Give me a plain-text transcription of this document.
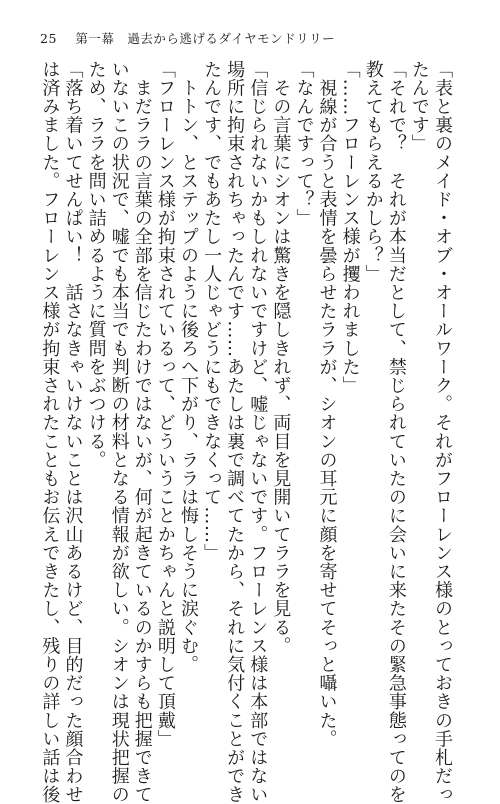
25 第一幕　過去から逃げるダイヤモンドリリー
「表と裏のメイド・オブ・オールワーク。それがフローレンス様のとっておきの手札だっ
たんです」
「それで？　それが本当だとして、禁じられていたのに会いに来たその緊急事態ってのを
教えてもらえるかしら？」
「……フローレンス様が攫われました」
　視線が合うと表情を曇らせたララが、シオンの耳元に顔を寄せてそっと囁いた。
「なんですって？」
　その言葉にシオンは驚きを隠しきれず、両目を見開いてララを見る。
「信じられないかもしれないですけど、嘘じゃないです。フローレンス様は本部ではない
場所に拘束されちゃったんです……あたしは裏で調べてたから、それに気付くことができ
たんです、でもあたし一人じゃどうにもできなくって……」
　トトン、とステップのように後ろへ下がり、ララは悔しそうに涙ぐむ。
「フローレンス様が拘束されているって、どういうことかちゃんと説明して頂戴」
　まだララの言葉の全部を信じたわけではないが、何が起きているのかすらも把握できて
いないこの状況で、嘘でも本当でも判断の材料となる情報が欲しい。シオンは現状把握の
ため、ララを問い詰めるように質問をぶつける。
「落ち着いてせんぱい！　話さなきゃいけないことは沢山あるけど、目的だった顔合わせ
は済みました。フローレンス様が拘束されたこともお伝えできたし、残りの詳しい話は後
